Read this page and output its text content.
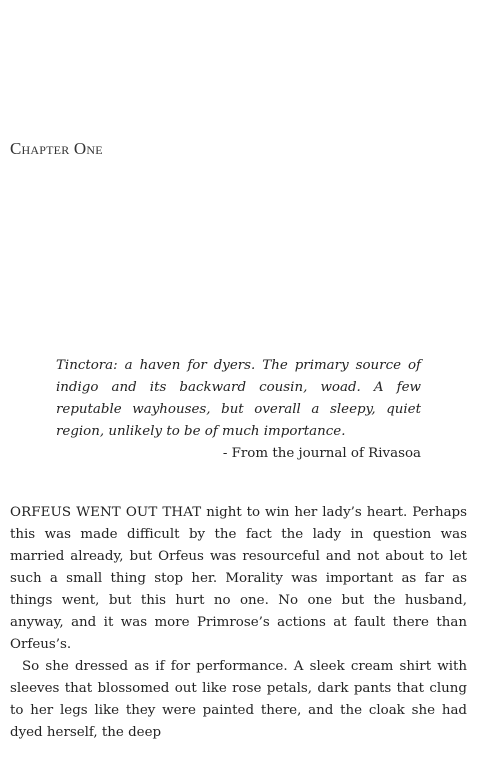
Chapter One

Tinctora: a haven for dyers. The primary source of indigo and its backward cousin, woad. A few reputable wayhouses, but overall a sleepy, quiet region, unlikely to be of much importance.

- From the journal of Rivasoa

ORFEUS WENT OUT THAT night to win her lady’s heart. Perhaps this was made difficult by the fact the lady in question was married already, but Orfeus was resourceful and not about to let such a small thing stop her. Morality was important as far as things went, but this hurt no one. No one but the husband, anyway, and it was more Primrose’s actions at fault there than Orfeus’s.

So she dressed as if for performance. A sleek cream shirt with sleeves that blossomed out like rose petals, dark pants that clung to her legs like they were painted there, and the cloak she had dyed herself, the deep
